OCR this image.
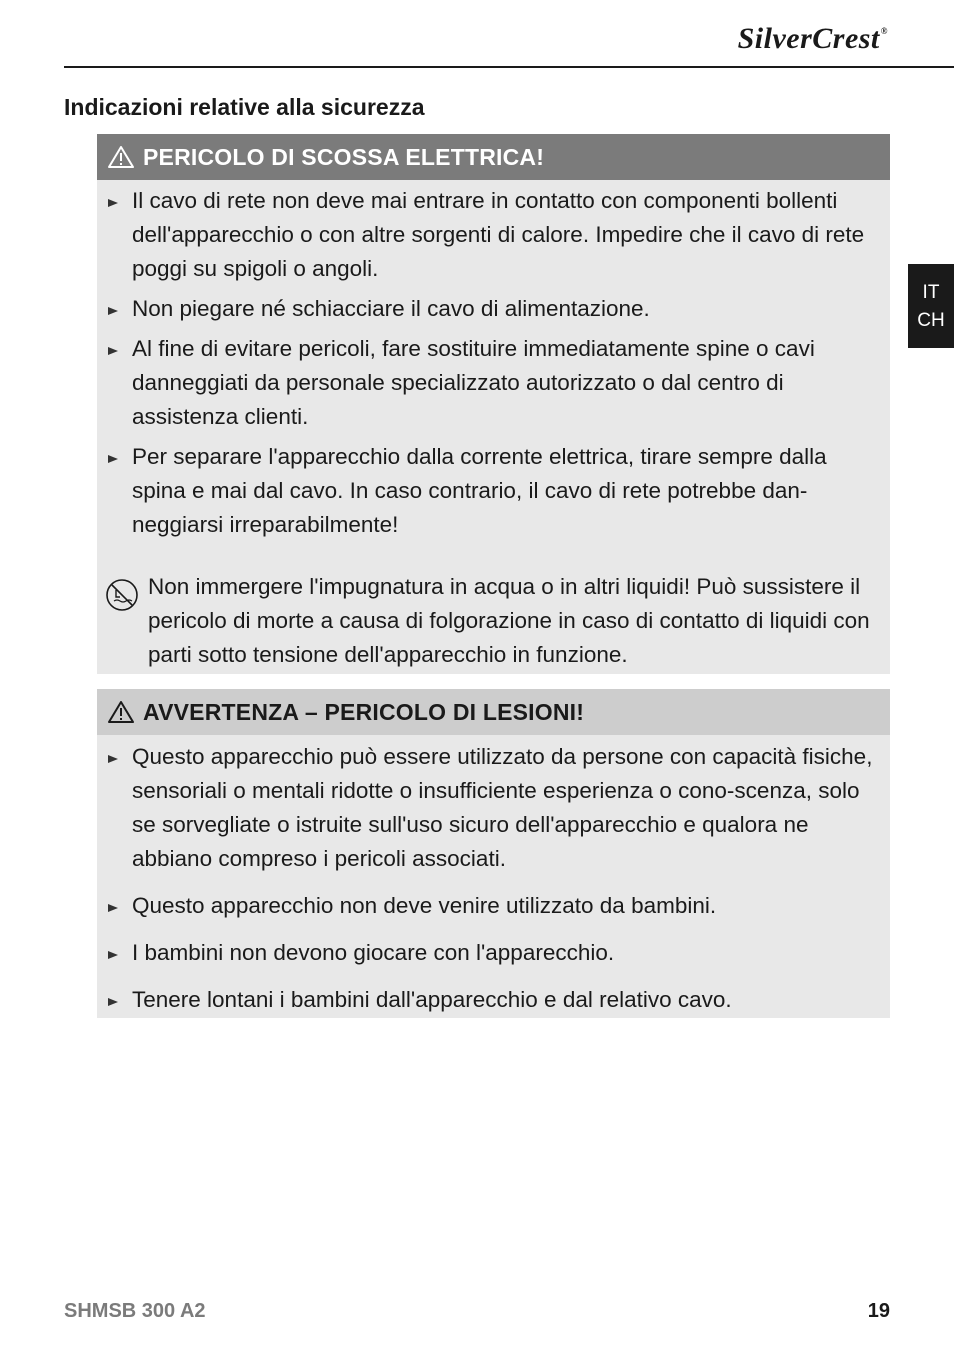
SilverCrest®
IT
CH
Indicazioni relative alla sicurezza
PERICOLO DI SCOSSA ELETTRICA!
Il cavo di rete non deve mai entrare in contatto con componenti bollenti dell'apparecchio o con altre sorgenti di calore. Impedire che il cavo di rete poggi su spigoli o angoli.
Non piegare né schiacciare il cavo di alimentazione.
Al fine di evitare pericoli, fare sostituire immediatamente spine o cavi danneggiati da personale specializzato autorizzato o dal centro di assistenza clienti.
Per separare l'apparecchio dalla corrente elettrica, tirare sempre dalla spina e mai dal cavo. In caso contrario, il cavo di rete potrebbe dan-neggiarsi irreparabilmente!
Non immergere l'impugnatura in acqua o in altri liquidi! Può sussistere il pericolo di morte a causa di folgorazione in caso di contatto di liquidi con parti sotto tensione dell'apparecchio in funzione.
AVVERTENZA – PERICOLO DI LESIONI!
Questo apparecchio può essere utilizzato da persone con capacità fisiche, sensoriali o mentali ridotte o insufficiente esperienza o cono-scenza, solo se sorvegliate o istruite sull'uso sicuro dell'apparecchio e qualora ne abbiano compreso i pericoli associati.
Questo apparecchio non deve venire utilizzato da bambini.
I bambini non devono giocare con l'apparecchio.
Tenere lontani i bambini dall'apparecchio e dal relativo cavo.
SHMSB 300 A2	19
